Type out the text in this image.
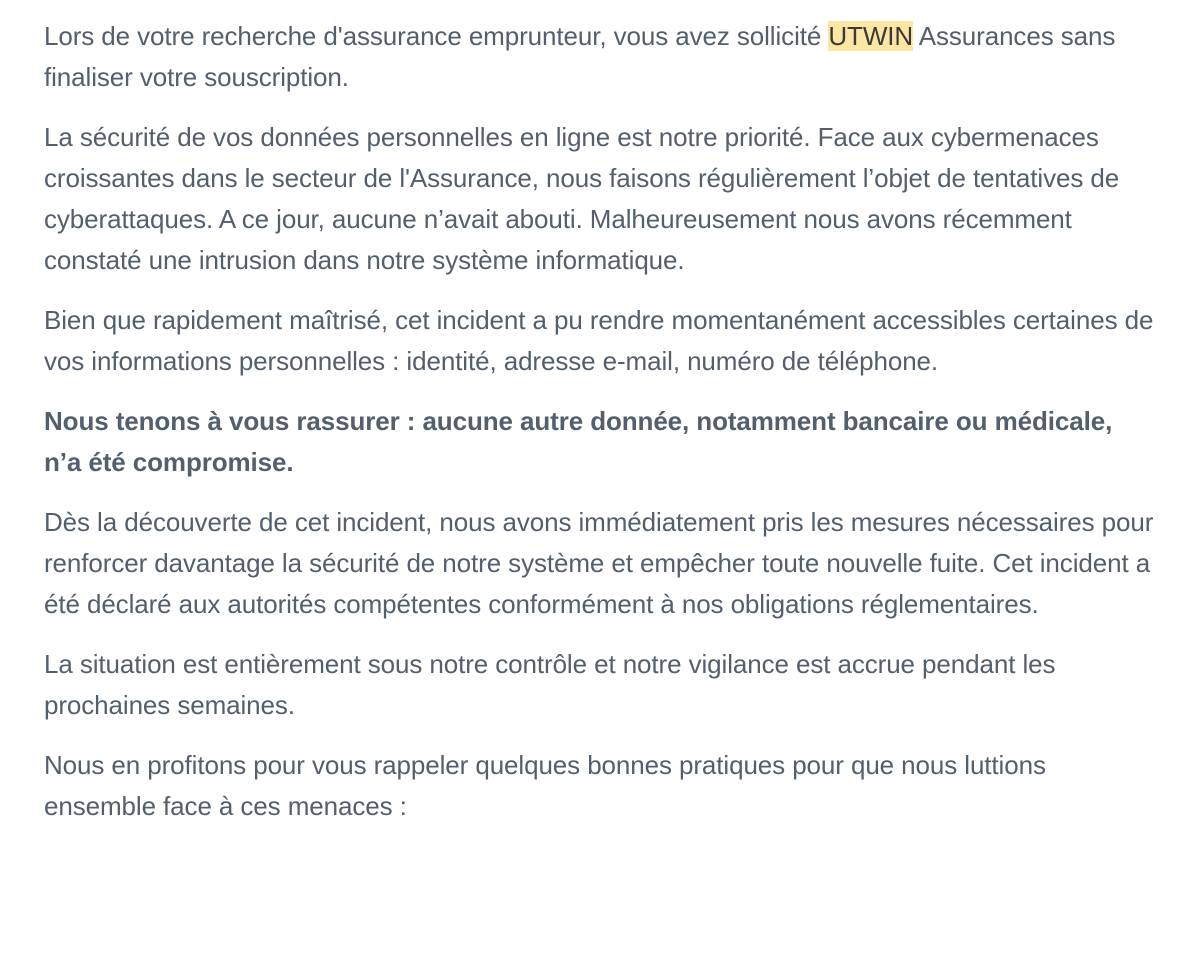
Lors de votre recherche d'assurance emprunteur, vous avez sollicité UTWIN Assurances sans finaliser votre souscription.

La sécurité de vos données personnelles en ligne est notre priorité. Face aux cybermenaces croissantes dans le secteur de l'Assurance, nous faisons régulièrement l’objet de tentatives de cyberattaques. A ce jour, aucune n’avait abouti. Malheureusement nous avons récemment constaté une intrusion dans notre système informatique.

Bien que rapidement maîtrisé, cet incident a pu rendre momentanément accessibles certaines de vos informations personnelles : identité, adresse e-mail, numéro de téléphone.

Nous tenons à vous rassurer : aucune autre donnée, notamment bancaire ou médicale, n’a été compromise.

Dès la découverte de cet incident, nous avons immédiatement pris les mesures nécessaires pour renforcer davantage la sécurité de notre système et empêcher toute nouvelle fuite. Cet incident a été déclaré aux autorités compétentes conformément à nos obligations réglementaires.

La situation est entièrement sous notre contrôle et notre vigilance est accrue pendant les prochaines semaines.

Nous en profitons pour vous rappeler quelques bonnes pratiques pour que nous luttions ensemble face à ces menaces :
